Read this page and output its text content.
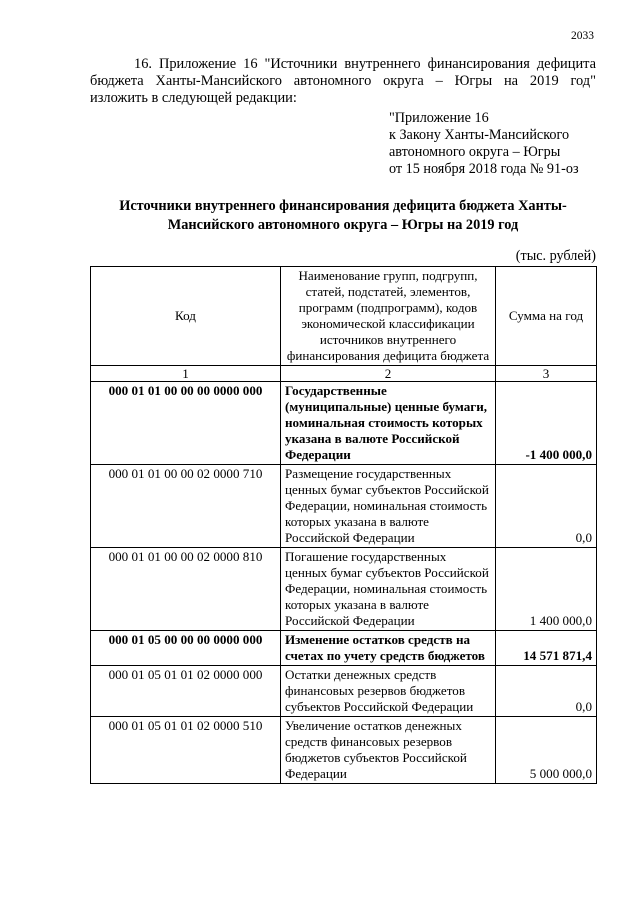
2033

16. Приложение 16 "Источники внутреннего финансирования дефицита

бюджета Ханты-Мансийского автономного округа – Югры на 2019 год"

изложить в следующей редакции:

"Приложение 16
к Закону Ханты-Мансийского
автономного округа – Югры
от 15 ноября 2018 года № 91-оз
Источники внутреннего финансирования дефицита бюджета Ханты-
Мансийского автономного округа – Югры на 2019 год
(тыс. рублей)
Код	Наименование групп, подгрупп, статей, подстатей, элементов, программ (подпрограмм), кодов экономической классификации источников внутреннего финансирования дефицита бюджета	Сумма на год
1	2	3
000 01 01 00 00 00 0000 000	Государственные (муниципальные) ценные бумаги, номинальная стоимость которых указана в валюте Российской Федерации	-1 400 000,0
000 01 01 00 00 02 0000 710	Размещение государственных ценных бумаг субъектов Российской Федерации, номинальная стоимость которых указана в валюте Российской Федерации	0,0
000 01 01 00 00 02 0000 810	Погашение государственных ценных бумаг субъектов Российской Федерации, номинальная стоимость которых указана в валюте Российской Федерации	1 400 000,0
000 01 05 00 00 00 0000 000	Изменение остатков средств на счетах по учету средств бюджетов	14 571 871,4
000 01 05 01 01 02 0000 000	Остатки денежных средств финансовых резервов бюджетов субъектов Российской Федерации	0,0
000 01 05 01 01 02 0000 510	Увеличение остатков денежных средств финансовых резервов бюджетов субъектов Российской Федерации	5 000 000,0
